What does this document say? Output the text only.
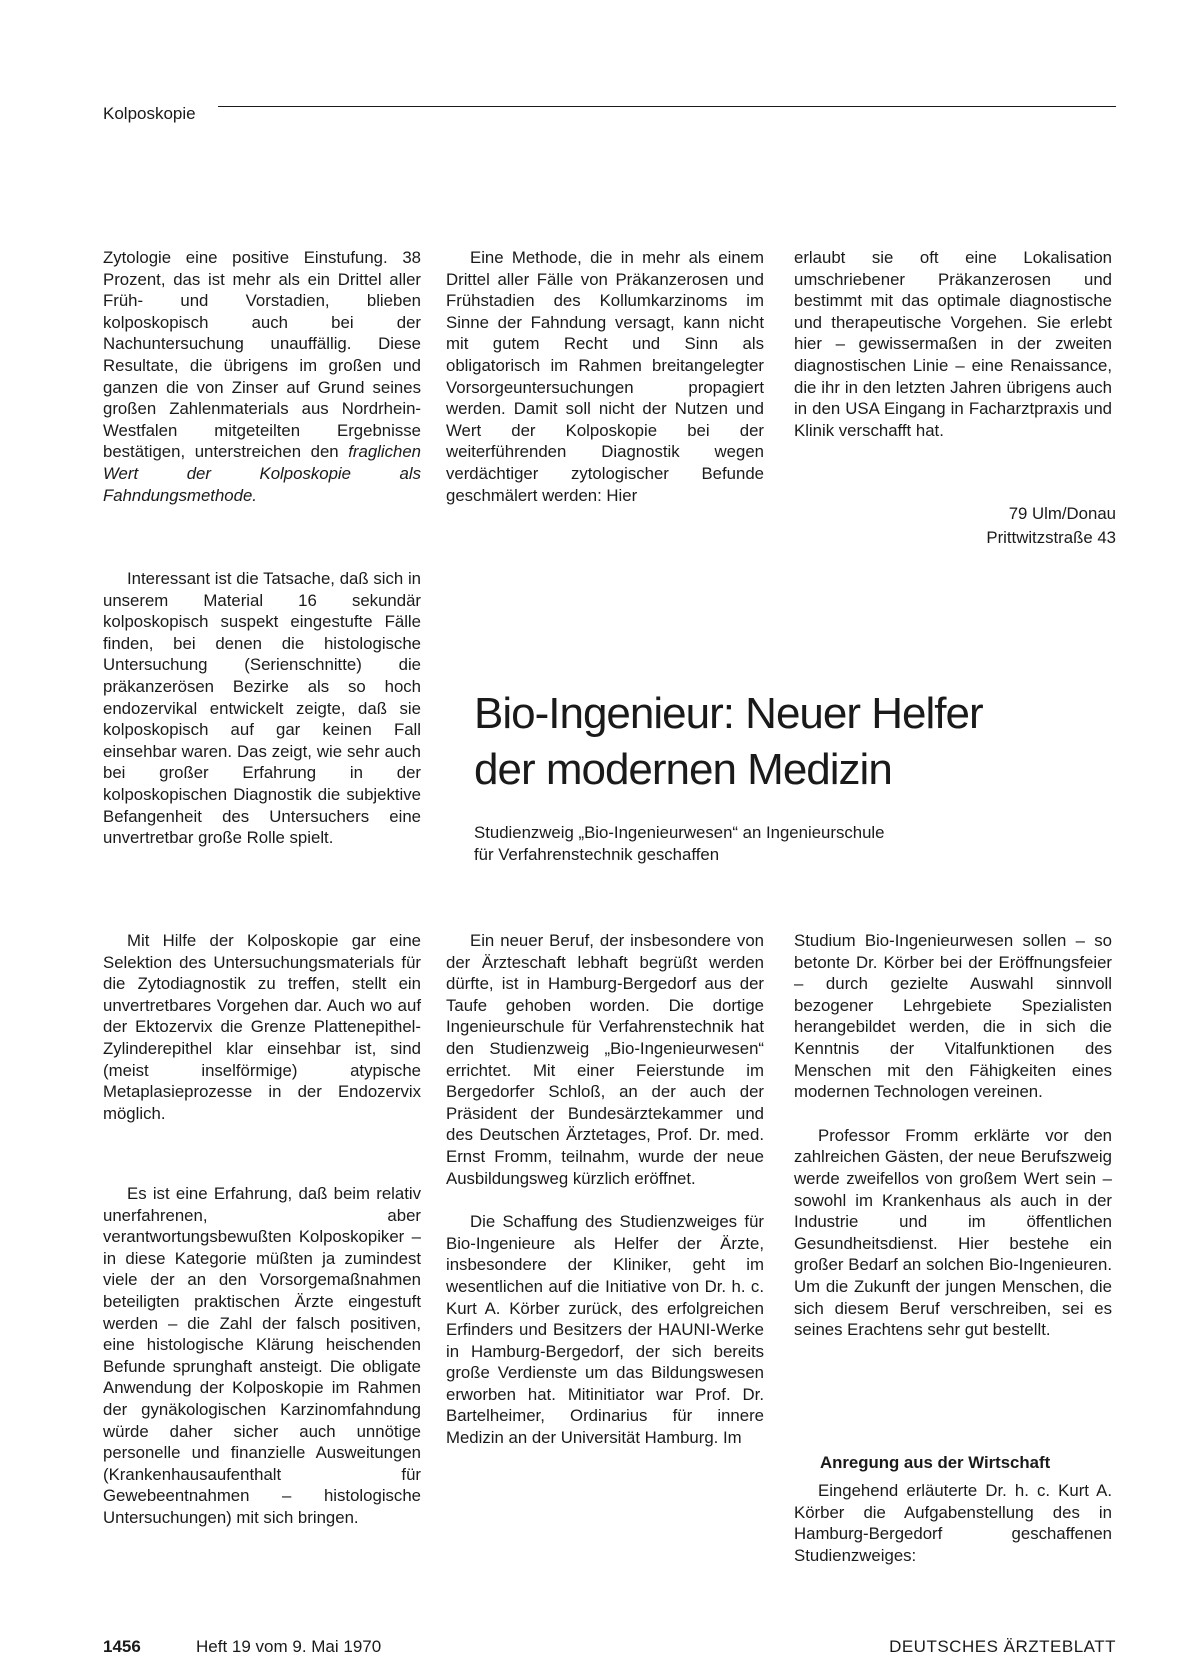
Kolposkopie

Zytologie eine positive Einstufung. 38 Prozent, das ist mehr als ein Drittel aller Früh- und Vorstadien, blieben kolposkopisch auch bei der Nachuntersuchung unauffällig. Diese Resultate, die übrigens im großen und ganzen die von Zinser auf Grund seines großen Zahlenmaterials aus Nordrhein-Westfalen mitgeteilten Ergebnisse bestätigen, unterstreichen den fraglichen Wert der Kolposkopie als Fahndungsmethode.

Interessant ist die Tatsache, daß sich in unserem Material 16 sekundär kolposkopisch suspekt eingestufte Fälle finden, bei denen die histologische Untersuchung (Serienschnitte) die präkanzerösen Bezirke als so hoch endozervikal entwickelt zeigte, daß sie kolposkopisch auf gar keinen Fall einsehbar waren. Das zeigt, wie sehr auch bei großer Erfahrung in der kolposkopischen Diagnostik die subjektive Befangenheit des Untersuchers eine unvertretbar große Rolle spielt.

Mit Hilfe der Kolposkopie gar eine Selektion des Untersuchungsmaterials für die Zytodiagnostik zu treffen, stellt ein unvertretbares Vorgehen dar. Auch wo auf der Ektozervix die Grenze Plattenepithel-Zylinderepithel klar einsehbar ist, sind (meist inselförmige) atypische Metaplasieprozesse in der Endozervix möglich.

Es ist eine Erfahrung, daß beim relativ unerfahrenen, aber verantwortungsbewußten Kolposkopiker – in diese Kategorie müßten ja zumindest viele der an den Vorsorgemaßnahmen beteiligten praktischen Ärzte eingestuft werden – die Zahl der falsch positiven, eine histologische Klärung heischenden Befunde sprunghaft ansteigt. Die obligate Anwendung der Kolposkopie im Rahmen der gynäkologischen Karzinomfahndung würde daher sicher auch unnötige personelle und finanzielle Ausweitungen (Krankenhausaufenthalt für Gewebeentnahmen – histologische Untersuchungen) mit sich bringen.

Eine Methode, die in mehr als einem Drittel aller Fälle von Präkanzerosen und Frühstadien des Kollumkarzinoms im Sinne der Fahndung versagt, kann nicht mit gutem Recht und Sinn als obligatorisch im Rahmen breitangelegter Vorsorgeuntersuchungen propagiert werden. Damit soll nicht der Nutzen und Wert der Kolposkopie bei der weiterführenden Diagnostik wegen verdächtiger zytologischer Befunde geschmälert werden: Hier

erlaubt sie oft eine Lokalisation umschriebener Präkanzerosen und bestimmt mit das optimale diagnostische und therapeutische Vorgehen. Sie erlebt hier – gewissermaßen in der zweiten diagnostischen Linie – eine Renaissance, die ihr in den letzten Jahren übrigens auch in den USA Eingang in Facharztpraxis und Klinik verschafft hat.

79 Ulm/Donau
Prittwitzstraße 43
Bio-Ingenieur: Neuer Helfer
der modernen Medizin
Studienzweig „Bio-Ingenieurwesen“ an Ingenieurschule
für Verfahrenstechnik geschaffen

Ein neuer Beruf, der insbesondere von der Ärzteschaft lebhaft begrüßt werden dürfte, ist in Hamburg-Bergedorf aus der Taufe gehoben worden. Die dortige Ingenieurschule für Verfahrenstechnik hat den Studienzweig „Bio-Ingenieurwesen“ errichtet. Mit einer Feierstunde im Bergedorfer Schloß, an der auch der Präsident der Bundesärztekammer und des Deutschen Ärztetages, Prof. Dr. med. Ernst Fromm, teilnahm, wurde der neue Ausbildungsweg kürzlich eröffnet.

Die Schaffung des Studienzweiges für Bio-Ingenieure als Helfer der Ärzte, insbesondere der Kliniker, geht im wesentlichen auf die Initiative von Dr. h. c. Kurt A. Körber zurück, des erfolgreichen Erfinders und Besitzers der HAUNI-Werke in Hamburg-Bergedorf, der sich bereits große Verdienste um das Bildungswesen erworben hat. Mitinitiator war Prof. Dr. Bartelheimer, Ordinarius für innere Medizin an der Universität Hamburg. Im

Studium Bio-Ingenieurwesen sollen – so betonte Dr. Körber bei der Eröffnungsfeier – durch gezielte Auswahl sinnvoll bezogener Lehrgebiete Spezialisten herangebildet werden, die in sich die Kenntnis der Vitalfunktionen des Menschen mit den Fähigkeiten eines modernen Technologen vereinen.

Professor Fromm erklärte vor den zahlreichen Gästen, der neue Berufszweig werde zweifellos von großem Wert sein – sowohl im Krankenhaus als auch in der Industrie und im öffentlichen Gesundheitsdienst. Hier bestehe ein großer Bedarf an solchen Bio-Ingenieuren. Um die Zukunft der jungen Menschen, die sich diesem Beruf verschreiben, sei es seines Erachtens sehr gut bestellt.

Anregung aus der Wirtschaft

Eingehend erläuterte Dr. h. c. Kurt A. Körber die Aufgabenstellung des in Hamburg-Bergedorf geschaffenen Studienzweiges:

1456	Heft 19 vom 9. Mai 1970	DEUTSCHES ÄRZTEBLATT
